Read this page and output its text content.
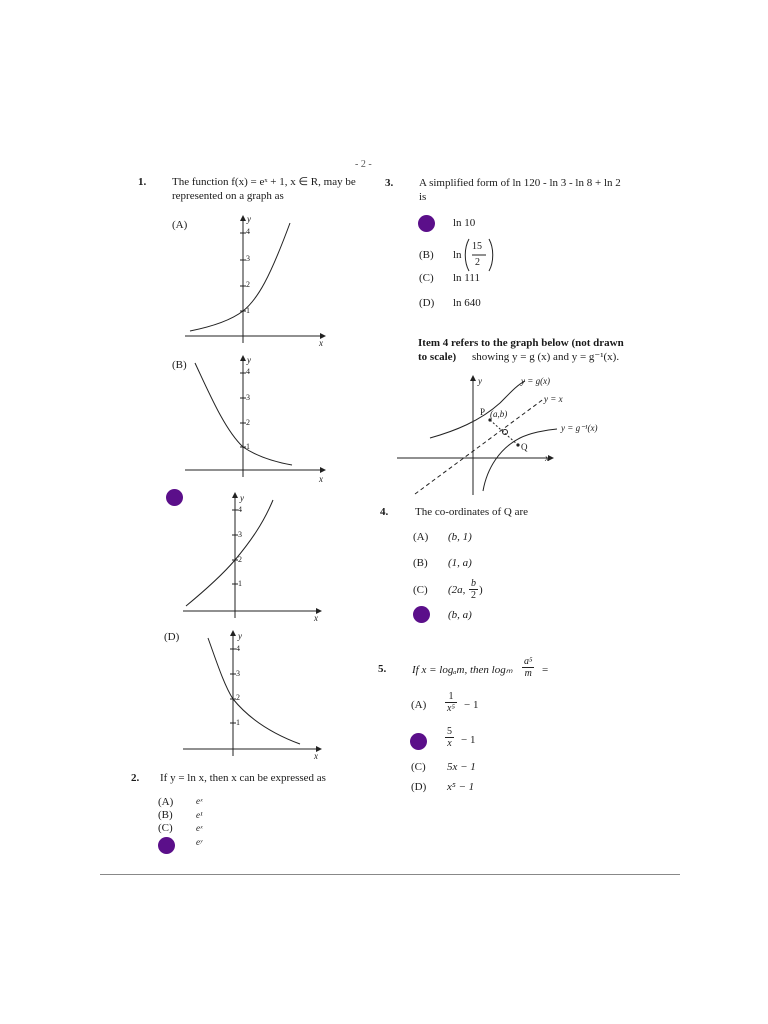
- 2 -
1. The function f(x) = eˣ + 1, x ∈ R, may be
represented on a graph as
(A)
(B)
(D)
y
x
4
3
2
1
y
x
4
3
2
1
y
x
4
3
2
1
y
x
4
3
2
1
2. If y = ln x, then x can be expressed as
(A)	eˣ
(B)	e¹
(C)	eˣ
eʸ
3. A simplified form of ln 120 - ln 3 - ln 8 + ln 2
is
ln 10
(B) ln
15
2
(C) ln 111
(D) ln 640
Item 4 refers to the graph below (not drawn
to scale) showing y = g (x) and y = g⁻¹(x).
y
x
y = g(x)
y = x
y = g⁻¹(x)
P (a,b)
Q
4. The co-ordinates of Q are
(A) (b, 1)
(B) (1, a)
(C) (2a, $\frac{b}{2}$ )
(b, a)
5. If x = logₐm, then logₘ $\frac{\text{a⁵}}{m}$ =
$(A) \frac{1}{\text{x⁵}} - 1$
$\frac{5}{x} - 1$
(C) 5x − 1
(D) x⁵ − 1
